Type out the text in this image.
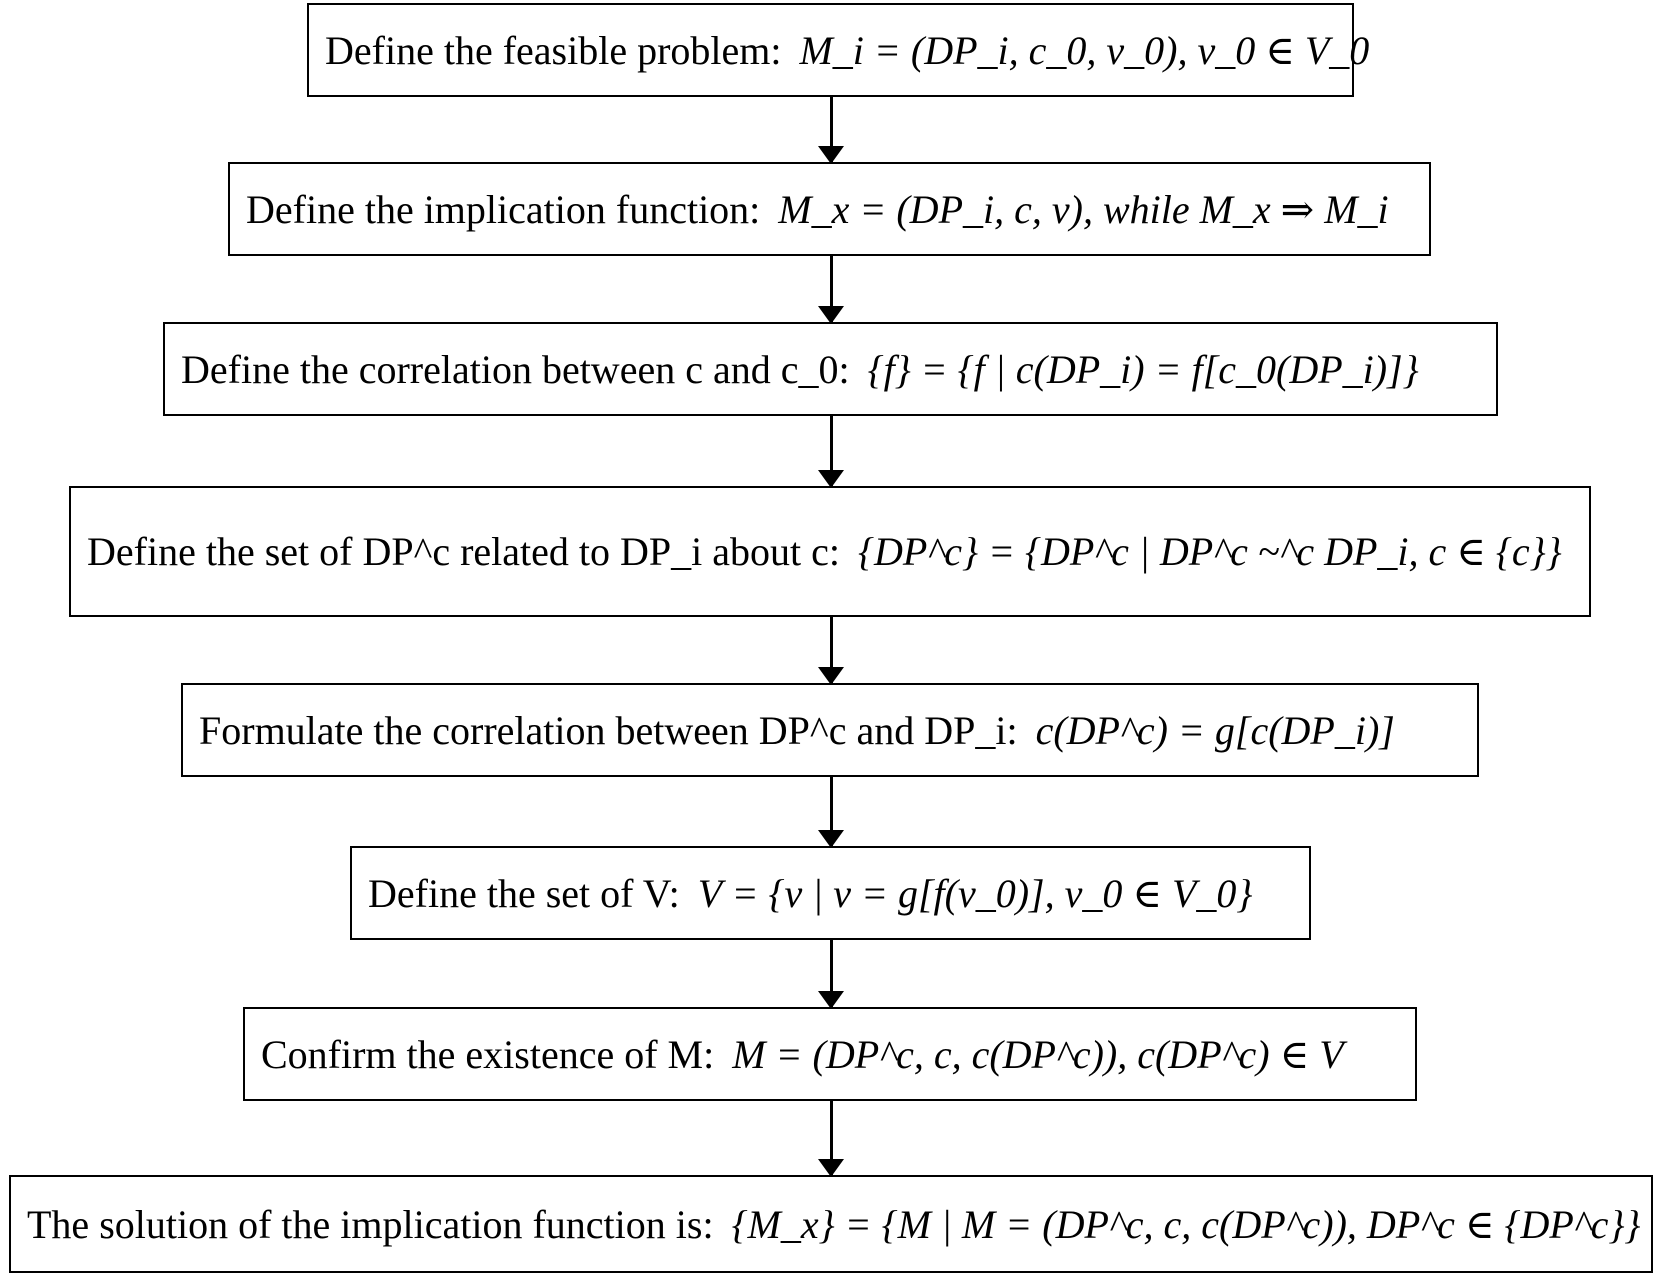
Define the feasible problem: M_i = (DP_i, c_0, v_0), v_0 ∈ V_0
Define the implication function: M_x = (DP_i, c, v), while M_x ⇒ M_i
Define the correlation between c and c_0: {f} = {f | c(DP_i) = f[c_0(DP_i)]}
Define the set of DP^c related to DP_i about c: {DP^c} = {DP^c | DP^c ~^c DP_i, c ∈ {c}}
Formulate the correlation between DP^c and DP_i: c(DP^c) = g[c(DP_i)]
Define the set of V: V = {v | v = g[f(v_0)], v_0 ∈ V_0}
Confirm the existence of M: M = (DP^c, c, c(DP^c)), c(DP^c) ∈ V
The solution of the implication function is: {M_x} = {M | M = (DP^c, c, c(DP^c)), DP^c ∈ {DP^c}}
